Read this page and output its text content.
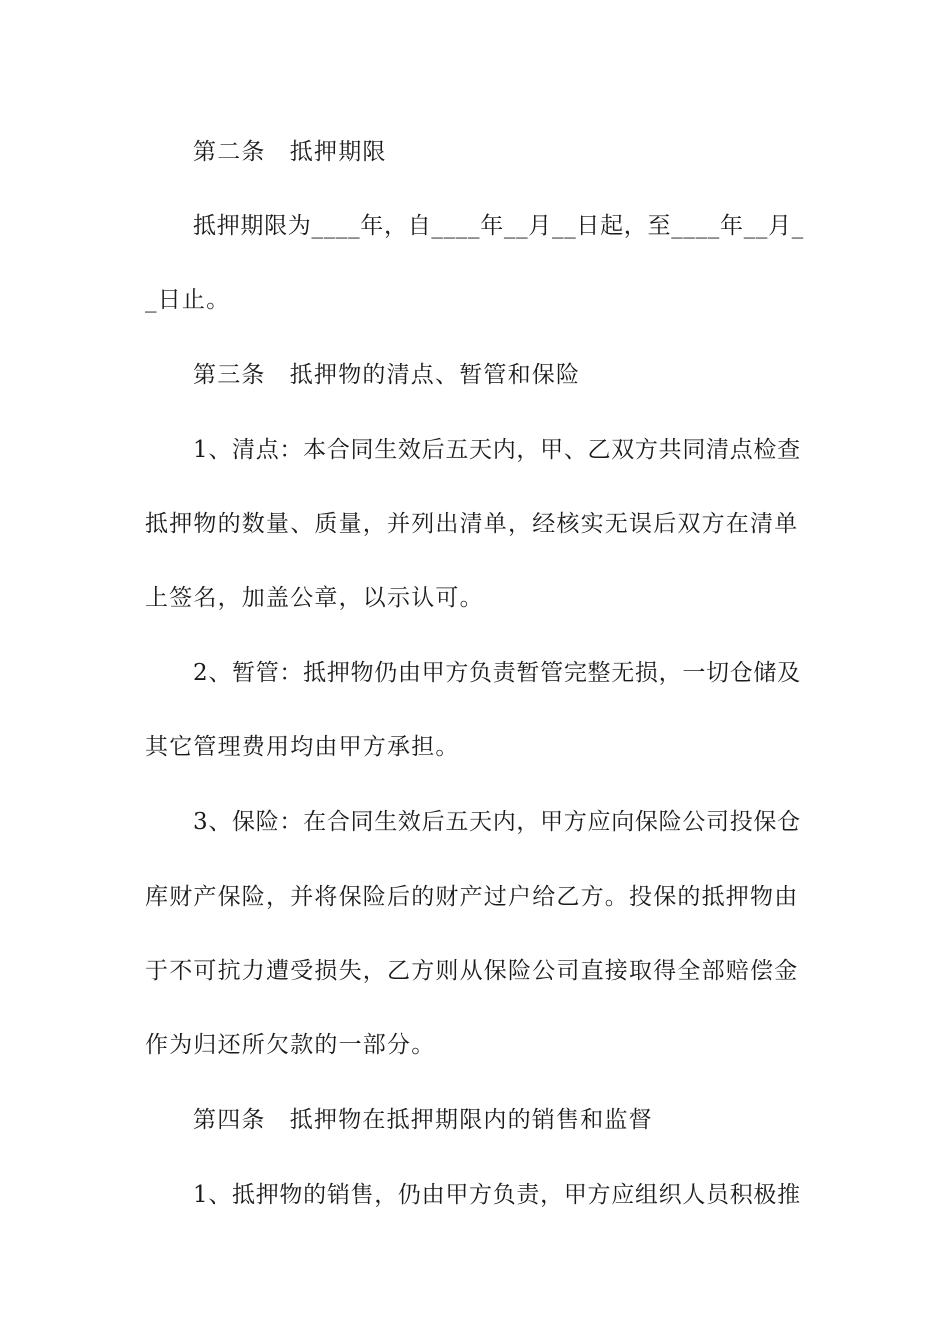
第二条　抵押期限
抵押期限为____年，自____年__月__日起，至____年__月_
_日止。
第三条　抵押物的清点、暂管和保险
1、清点：本合同生效后五天内，甲、乙双方共同清点检查
抵押物的数量、质量，并列出清单，经核实无误后双方在清单
上签名，加盖公章，以示认可。
2、暂管：抵押物仍由甲方负责暂管完整无损，一切仓储及
其它管理费用均由甲方承担。
3、保险：在合同生效后五天内，甲方应向保险公司投保仓
库财产保险，并将保险后的财产过户给乙方。投保的抵押物由
于不可抗力遭受损失，乙方则从保险公司直接取得全部赔偿金
作为归还所欠款的一部分。
第四条　抵押物在抵押期限内的销售和监督
1、抵押物的销售，仍由甲方负责，甲方应组织人员积极推
